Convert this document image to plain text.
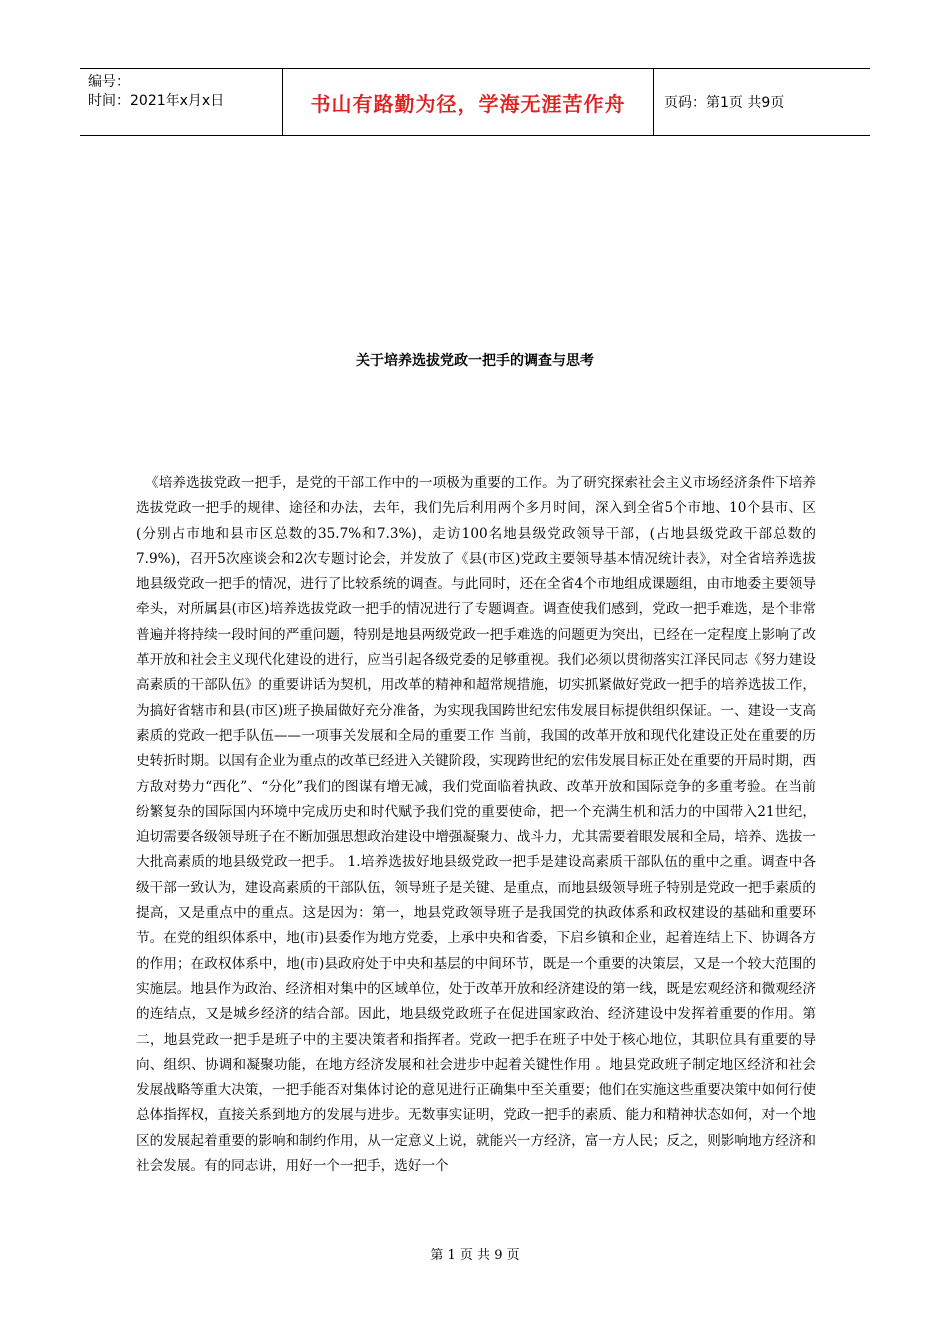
编号：
时间：2021年x月x日	书山有路勤为径，学海无涯苦作舟	页码：第1页 共9页
关于培养选拔党政一把手的调查与思考

《培养选拔党政一把手，是党的干部工作中的一项极为重要的工作。为了研究探索社会主义市场经济条件下培养选拔党政一把手的规律、途径和办法，去年，我们先后利用两个多月时间，深入到全省5个市地、10个县市、区(分别占市地和县市区总数的35.7%和7.3%)，走访100名地县级党政领导干部，(占地县级党政干部总数的7.9%)，召开5次座谈会和2次专题讨论会，并发放了《县(市区)党政主要领导基本情况统计表》，对全省培养选拔地县级党政一把手的情况，进行了比较系统的调查。与此同时，还在全省4个市地组成课题组，由市地委主要领导牵头，对所属县(市区)培养选拔党政一把手的情况进行了专题调查。调查使我们感到，党政一把手难选，是个非常普遍并将持续一段时间的严重问题，特别是地县两级党政一把手难选的问题更为突出，已经在一定程度上影响了改革开放和社会主义现代化建设的进行，应当引起各级党委的足够重视。我们必须以贯彻落实江泽民同志《努力建设高素质的干部队伍》的重要讲话为契机，用改革的精神和超常规措施，切实抓紧做好党政一把手的培养选拔工作，为搞好省辖市和县(市区)班子换届做好充分准备，为实现我国跨世纪宏伟发展目标提供组织保证。一、建设一支高素质的党政一把手队伍——一项事关发展和全局的重要工作 当前，我国的改革开放和现代化建设正处在重要的历史转折时期。以国有企业为重点的改革已经进入关键阶段，实现跨世纪的宏伟发展目标正处在重要的开局时期，西方敌对势力“西化”、“分化”我们的图谋有增无减，我们党面临着执政、改革开放和国际竞争的多重考验。在当前纷繁复杂的国际国内环境中完成历史和时代赋予我们党的重要使命，把一个充满生机和活力的中国带入21世纪，迫切需要各级领导班子在不断加强思想政治建设中增强凝聚力、战斗力，尤其需要着眼发展和全局，培养、选拔一大批高素质的地县级党政一把手。 1.培养选拔好地县级党政一把手是建设高素质干部队伍的重中之重。调查中各级干部一致认为，建设高素质的干部队伍，领导班子是关键、是重点，而地县级领导班子特别是党政一把手素质的提高，又是重点中的重点。这是因为：第一，地县党政领导班子是我国党的执政体系和政权建设的基础和重要环节。在党的组织体系中，地(市)县委作为地方党委，上承中央和省委，下启乡镇和企业，起着连结上下、协调各方的作用；在政权体系中，地(市)县政府处于中央和基层的中间环节，既是一个重要的决策层，又是一个较大范围的实施层。地县作为政治、经济相对集中的区域单位，处于改革开放和经济建设的第一线，既是宏观经济和微观经济的连结点，又是城乡经济的结合部。因此，地县级党政班子在促进国家政治、经济建设中发挥着重要的作用。第二，地县党政一把手是班子中的主要决策者和指挥者。党政一把手在班子中处于核心地位，其职位具有重要的导向、组织、协调和凝聚功能，在地方经济发展和社会进步中起着关键性作用 。地县党政班子制定地区经济和社会发展战略等重大决策，一把手能否对集体讨论的意见进行正确集中至关重要；他们在实施这些重要决策中如何行使总体指挥权，直接关系到地方的发展与进步。无数事实证明，党政一把手的素质、能力和精神状态如何，对一个地区的发展起着重要的影响和制约作用，从一定意义上说，就能兴一方经济，富一方人民；反之，则影响地方经济和社会发展。有的同志讲，用好一个一把手，选好一个

第 1 页 共 9 页
